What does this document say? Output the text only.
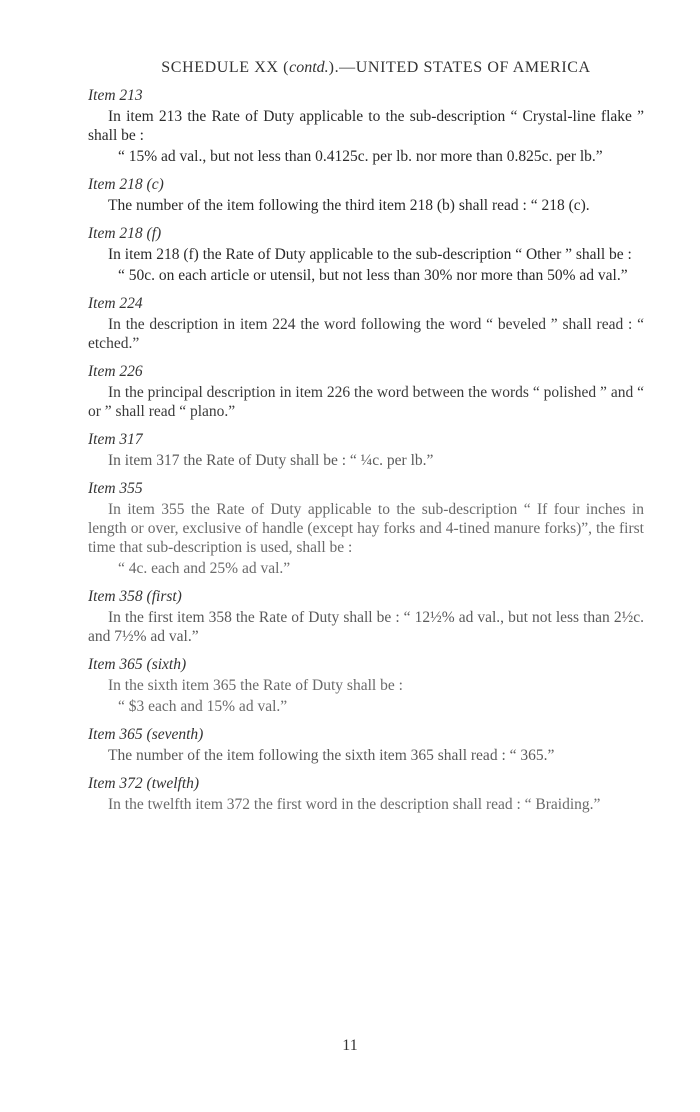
SCHEDULE XX (contd.).—UNITED STATES OF AMERICA
Item 213
In item 213 the Rate of Duty applicable to the sub-description “ Crystal-line flake ” shall be :
“ 15% ad val., but not less than 0.4125c. per lb. nor more than 0.825c. per lb.”
Item 218 (c)
The number of the item following the third item 218 (b) shall read : “ 218 (c).
Item 218 (f)
In item 218 (f) the Rate of Duty applicable to the sub-description “ Other ” shall be :
“ 50c. on each article or utensil, but not less than 30% nor more than 50% ad val.”
Item 224
In the description in item 224 the word following the word “ beveled ” shall read : “ etched.”
Item 226
In the principal description in item 226 the word between the words “ polished ” and “ or ” shall read “ plano.”
Item 317
In item 317 the Rate of Duty shall be : “ ¼c. per lb.”
Item 355
In item 355 the Rate of Duty applicable to the sub-description “ If four inches in length or over, exclusive of handle (except hay forks and 4-tined manure forks)”, the first time that sub-description is used, shall be :
“ 4c. each and 25% ad val.”
Item 358 (first)
In the first item 358 the Rate of Duty shall be : “ 12½% ad val., but not less than 2½c. and 7½% ad val.”
Item 365 (sixth)
In the sixth item 365 the Rate of Duty shall be :
“ $3 each and 15% ad val.”
Item 365 (seventh)
The number of the item following the sixth item 365 shall read : “ 365.”
Item 372 (twelfth)
In the twelfth item 372 the first word in the description shall read : “ Braiding.”
11
